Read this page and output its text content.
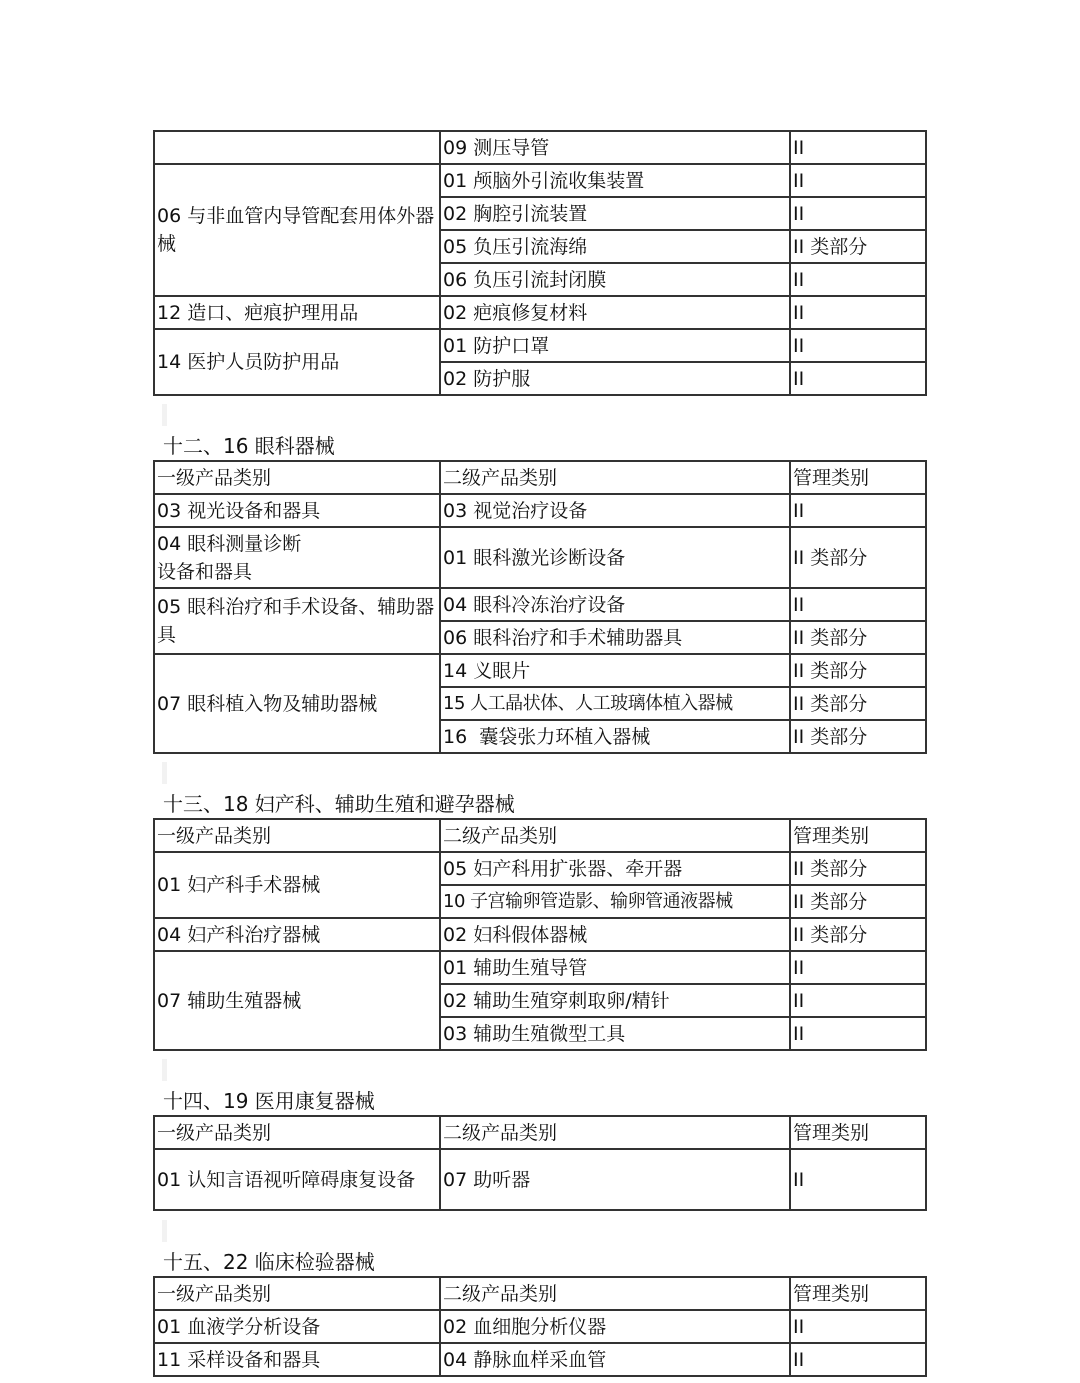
	09 测压导管	II
06 与非血管内导管配套用体外器械	01 颅脑外引流收集装置	II
	02 胸腔引流装置	II
	05 负压引流海绵	II 类部分
	06 负压引流封闭膜	II
12 造口、疤痕护理用品	02 疤痕修复材料	II
14 医护人员防护用品	01 防护口罩	II
	02 防护服	II
十二、16 眼科器械
一级产品类别	二级产品类别	管理类别
03 视光设备和器具	03 视觉治疗设备	II
04 眼科测量诊断设备和器具	01 眼科激光诊断设备	II 类部分
05 眼科治疗和手术设备、辅助器具	04 眼科冷冻治疗设备	II
	06 眼科治疗和手术辅助器具	II 类部分
07 眼科植入物及辅助器械	14 义眼片	II 类部分
	15 人工晶状体、人工玻璃体植入器械	II 类部分
	16  囊袋张力环植入器械	II 类部分
十三、18 妇产科、辅助生殖和避孕器械
一级产品类别	二级产品类别	管理类别
01 妇产科手术器械	05 妇产科用扩张器、牵开器	II 类部分
	10 子宫输卵管造影、输卵管通液器械	II 类部分
04 妇产科治疗器械	02 妇科假体器械	II 类部分
07 辅助生殖器械	01 辅助生殖导管	II
	02 辅助生殖穿刺取卵/精针	II
	03 辅助生殖微型工具	II
十四、19 医用康复器械
一级产品类别	二级产品类别	管理类别
01 认知言语视听障碍康复设备	07 助听器	II
十五、22 临床检验器械
一级产品类别	二级产品类别	管理类别
01 血液学分析设备	02 血细胞分析仪器	II
11 采样设备和器具	04 静脉血样采血管	II
